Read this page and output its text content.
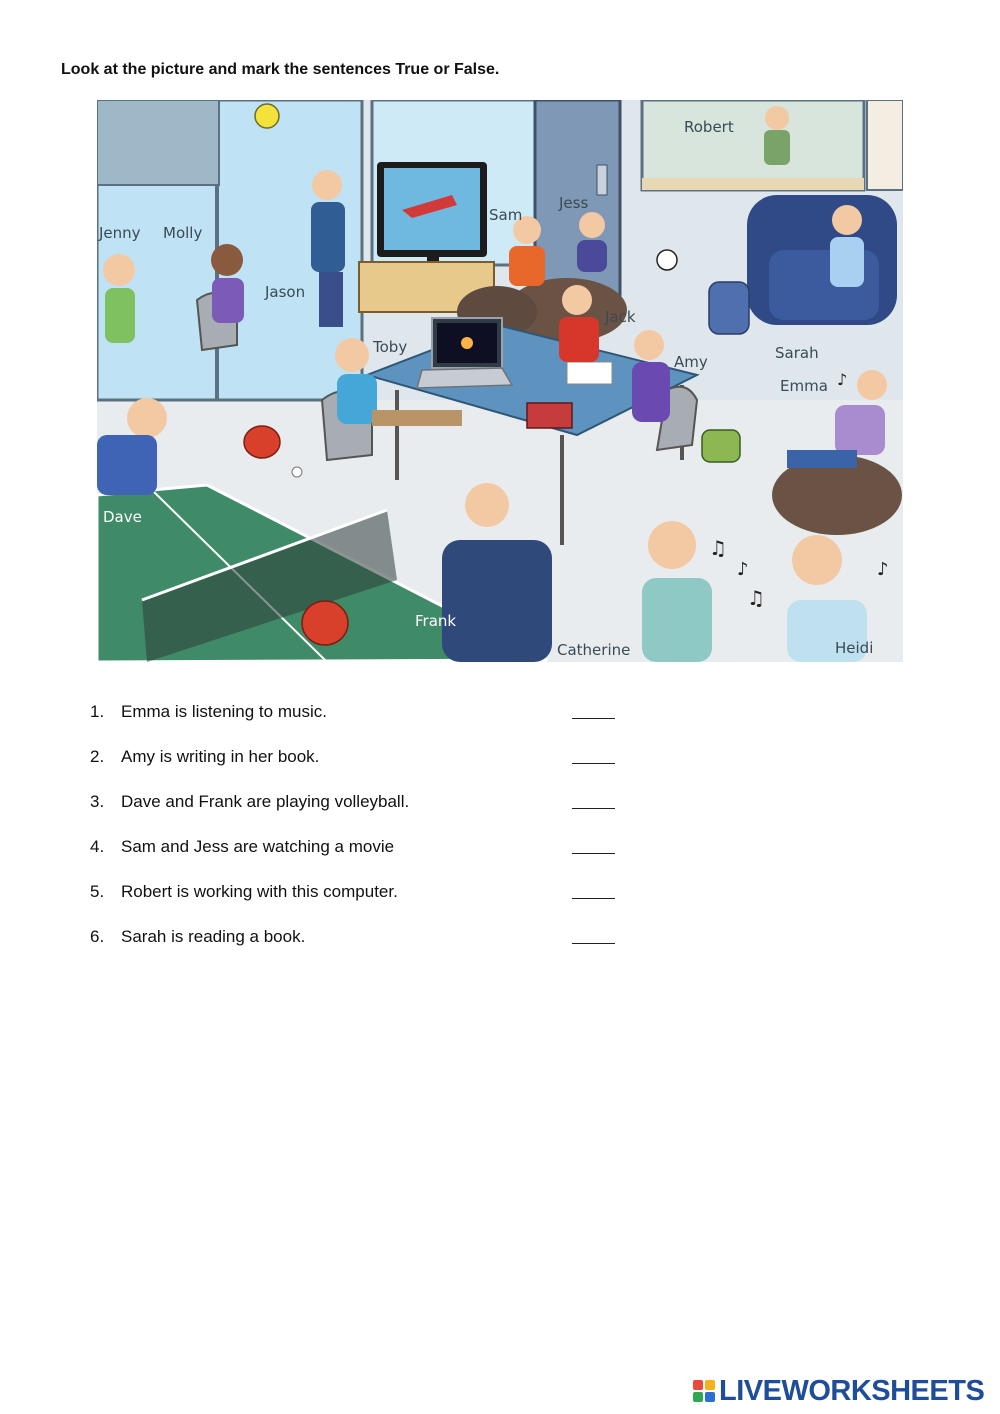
Look at the picture and mark the sentences True or False.
♫
♪
♫
♪
♪
Jenny Molly
Jason
Sam
Jess
Robert
Jack
Toby
Amy	Sarah
Emma
Dave
Frank
Catherine	Heidi
1. Emma is listening to music.
2. Amy is writing in her book.
3. Dave and Frank are playing volleyball.
4. Sam and Jess are watching a movie
5. Robert is working with this computer.
6. Sarah is reading a book.
LIVEWORKSHEETS
